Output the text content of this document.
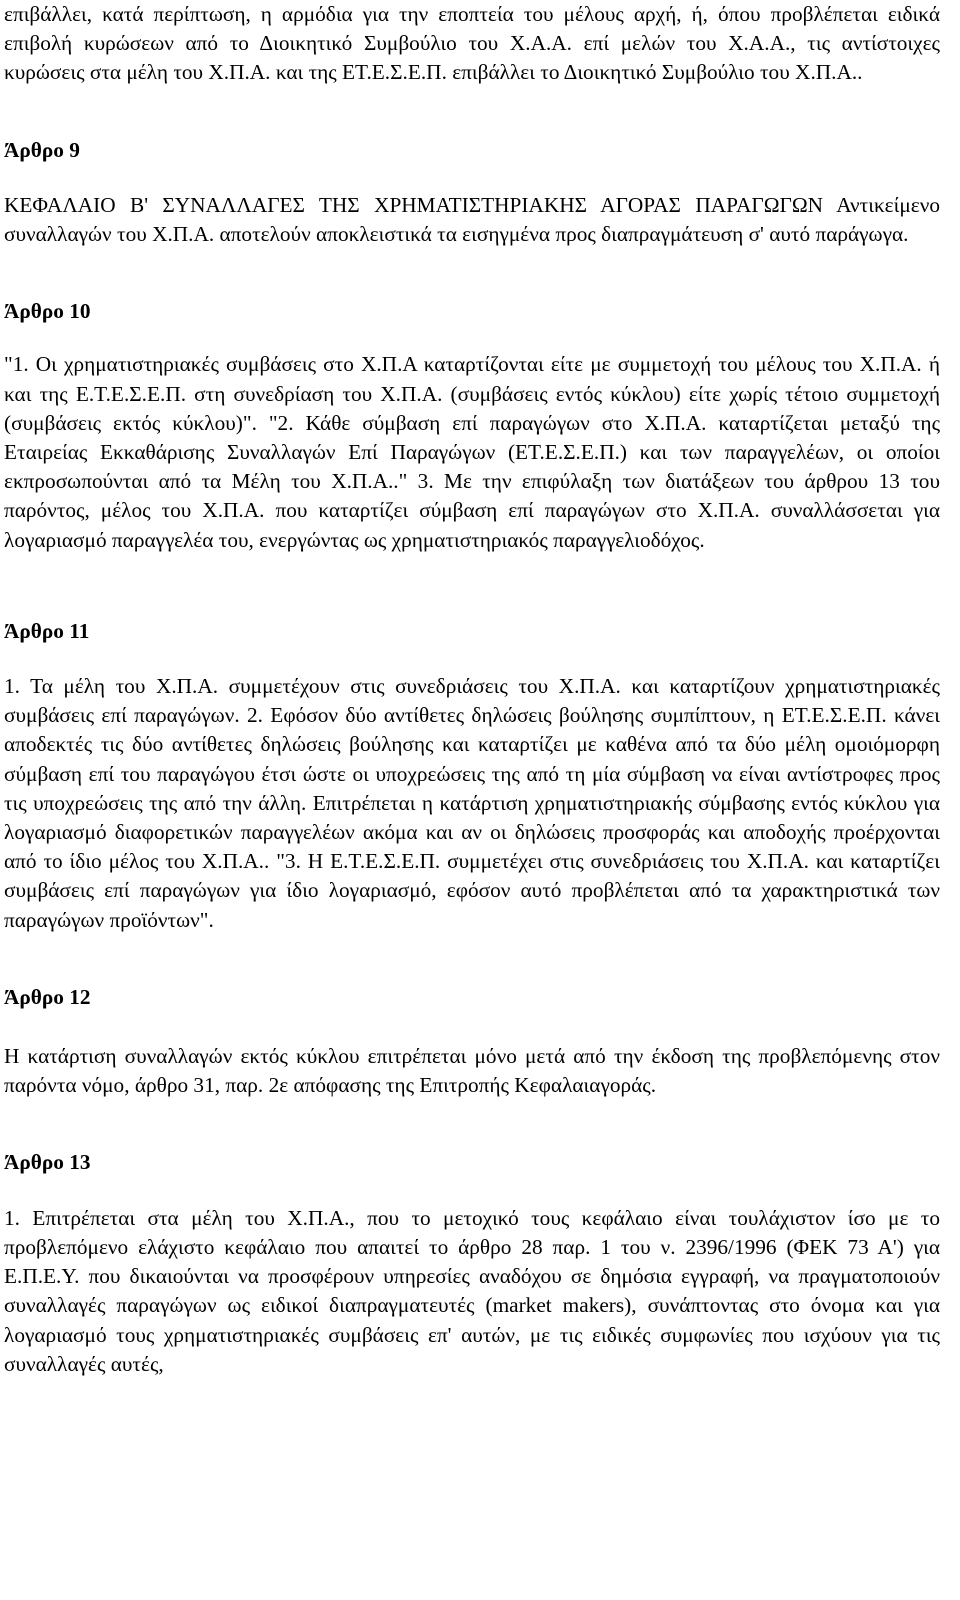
επιβάλλει, κατά περίπτωση, η αρμόδια για την εποπτεία του μέλους αρχή, ή, όπου προβλέπεται ειδικά επιβολή κυρώσεων από το Διοικητικό Συμβούλιο του Χ.Α.Α. επί μελών του Χ.Α.Α., τις αντίστοιχες κυρώσεις στα μέλη του Χ.Π.Α. και της ΕΤ.Ε.Σ.Ε.Π. επιβάλλει το Διοικητικό Συμβούλιο του Χ.Π.Α..

Άρθρο 9

ΚΕΦΑΛΑΙΟ Β' ΣΥΝΑΛΛΑΓΕΣ ΤΗΣ ΧΡΗΜΑΤΙΣΤΗΡΙΑΚΗΣ ΑΓΟΡΑΣ ΠΑΡΑΓΩΓΩΝ Αντικείμενο συναλλαγών του Χ.Π.Α. αποτελούν αποκλειστικά τα εισηγμένα προς διαπραγμάτευση σ' αυτό παράγωγα.

Άρθρο 10

"1. Οι χρηματιστηριακές συμβάσεις στο Χ.Π.Α καταρτίζονται είτε με συμμετοχή του μέλους του Χ.Π.Α. ή και της Ε.Τ.Ε.Σ.Ε.Π. στη συνεδρίαση του Χ.Π.Α. (συμβάσεις εντός κύκλου) είτε χωρίς τέτοιο συμμετοχή (συμβάσεις εκτός κύκλου)". "2. Κάθε σύμβαση επί παραγώγων στο Χ.Π.Α. καταρτίζεται μεταξύ της Εταιρείας Εκκαθάρισης Συναλλαγών Επί Παραγώγων (ΕΤ.Ε.Σ.Ε.Π.) και των παραγγελέων, οι οποίοι εκπροσωπούνται από τα Μέλη του Χ.Π.Α.." 3. Με την επιφύλαξη των διατάξεων του άρθρου 13 του παρόντος, μέλος του Χ.Π.Α. που καταρτίζει σύμβαση επί παραγώγων στο Χ.Π.Α. συναλλάσσεται για λογαριασμό παραγγελέα του, ενεργώντας ως χρηματιστηριακός παραγγελιοδόχος.

Άρθρο 11

1. Τα μέλη του Χ.Π.Α. συμμετέχουν στις συνεδριάσεις του Χ.Π.Α. και καταρτίζουν χρηματιστηριακές συμβάσεις επί παραγώγων. 2. Εφόσον δύο αντίθετες δηλώσεις βούλησης συμπίπτουν, η ΕΤ.Ε.Σ.Ε.Π. κάνει αποδεκτές τις δύο αντίθετες δηλώσεις βούλησης και καταρτίζει με καθένα από τα δύο μέλη ομοιόμορφη σύμβαση επί του παραγώγου έτσι ώστε οι υποχρεώσεις της από τη μία σύμβαση να είναι αντίστροφες προς τις υποχρεώσεις της από την άλλη. Επιτρέπεται η κατάρτιση χρηματιστηριακής σύμβασης εντός κύκλου για λογαριασμό διαφορετικών παραγγελέων ακόμα και αν οι δηλώσεις προσφοράς και αποδοχής προέρχονται από το ίδιο μέλος του Χ.Π.Α.. "3. Η Ε.Τ.Ε.Σ.Ε.Π. συμμετέχει στις συνεδριάσεις του Χ.Π.Α. και καταρτίζει συμβάσεις επί παραγώγων για ίδιο λογαριασμό, εφόσον αυτό προβλέπεται από τα χαρακτηριστικά των παραγώγων προϊόντων".

Άρθρο 12

Η κατάρτιση συναλλαγών εκτός κύκλου επιτρέπεται μόνο μετά από την έκδοση της προβλεπόμενης στον παρόντα νόμο, άρθρο 31, παρ. 2ε απόφασης της Επιτροπής Κεφαλαιαγοράς.

Άρθρο 13

1. Επιτρέπεται στα μέλη του Χ.Π.Α., που το μετοχικό τους κεφάλαιο είναι τουλάχιστον ίσο με το προβλεπόμενο ελάχιστο κεφάλαιο που απαιτεί το άρθρο 28 παρ. 1 του ν. 2396/1996 (ΦΕΚ 73 Α') για Ε.Π.Ε.Υ. που δικαιούνται να προσφέρουν υπηρεσίες αναδόχου σε δημόσια εγγραφή, να πραγματοποιούν συναλλαγές παραγώγων ως ειδικοί διαπραγματευτές (market makers), συνάπτοντας στο όνομα και για λογαριασμό τους χρηματιστηριακές συμβάσεις επ' αυτών, με τις ειδικές συμφωνίες που ισχύουν για τις συναλλαγές αυτές,
